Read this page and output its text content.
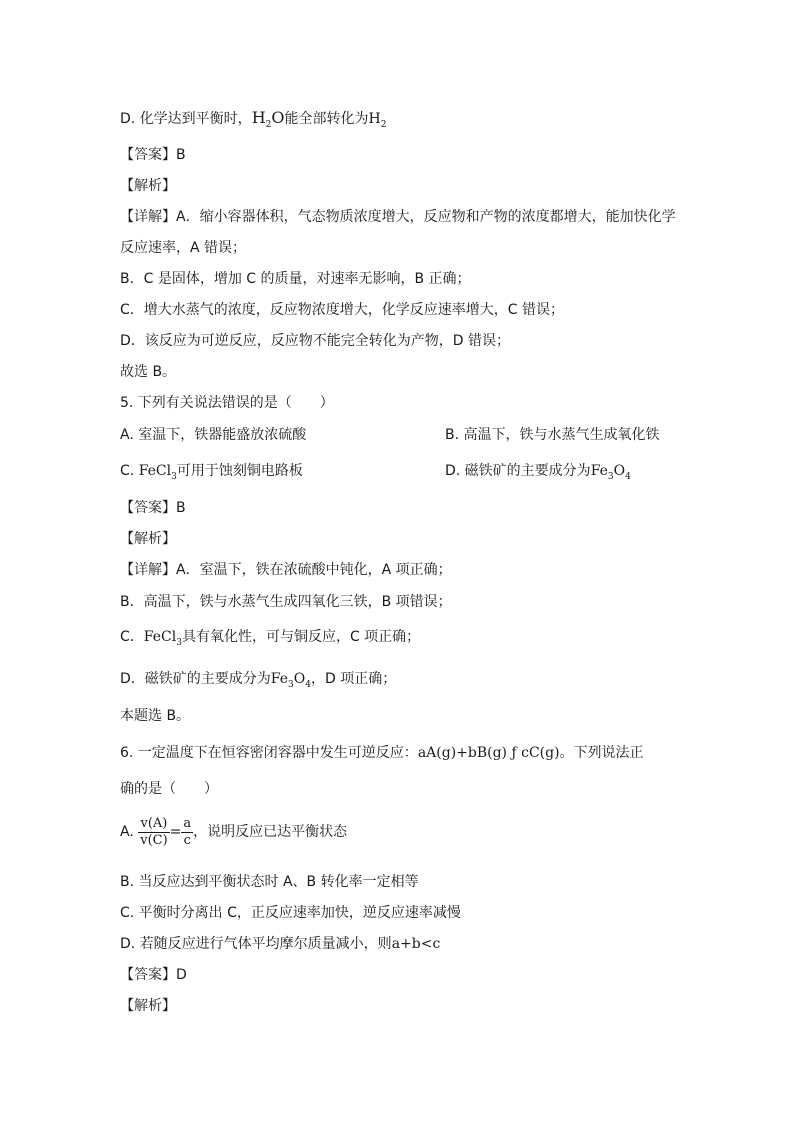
D. 化学达到平衡时，$H_2O$能全部转化为$H_2$
【答案】B
【解析】
【详解】A．缩小容器体积，气态物质浓度增大，反应物和产物的浓度都增大，能加快化学
反应速率，A 错误；
B．C 是固体，增加 C 的质量，对速率无影响，B 正确；
C．增大水蒸气的浓度，反应物浓度增大，化学反应速率增大，C 错误；
D．该反应为可逆反应，反应物不能完全转化为产物，D 错误；
故选 B。
5. 下列有关说法错误的是（　　）
A. 室温下，铁器能盛放浓硫酸	B. 高温下，铁与水蒸气生成氧化铁
C. FeCl$_3$可用于蚀刻铜电路板	D. 磁铁矿的主要成分为$Fe_3O_4$
【答案】B
【解析】
【详解】A．室温下，铁在浓硫酸中钝化，A 项正确；
B．高温下，铁与水蒸气生成四氧化三铁，B 项错误；
C．FeCl$_3$具有氧化性，可与铜反应，C 项正确；
D．磁铁矿的主要成分为$Fe_3O_4$，D 项正确；
本题选 B。
6. 一定温度下在恒容密闭容器中发生可逆反应：aA(g)+bB(g) ƒ cC(g)。下列说法正
确的是（　　）
A. $\frac{v(A)}{v(C)} = \frac{a}{c}$ ，说明反应已达平衡状态
B. 当反应达到平衡状态时 A、B 转化率一定相等
C. 平衡时分离出 C，正反应速率加快，逆反应速率减慢
D. 若随反应进行气体平均摩尔质量减小，则a+b<c
【答案】D
【解析】
